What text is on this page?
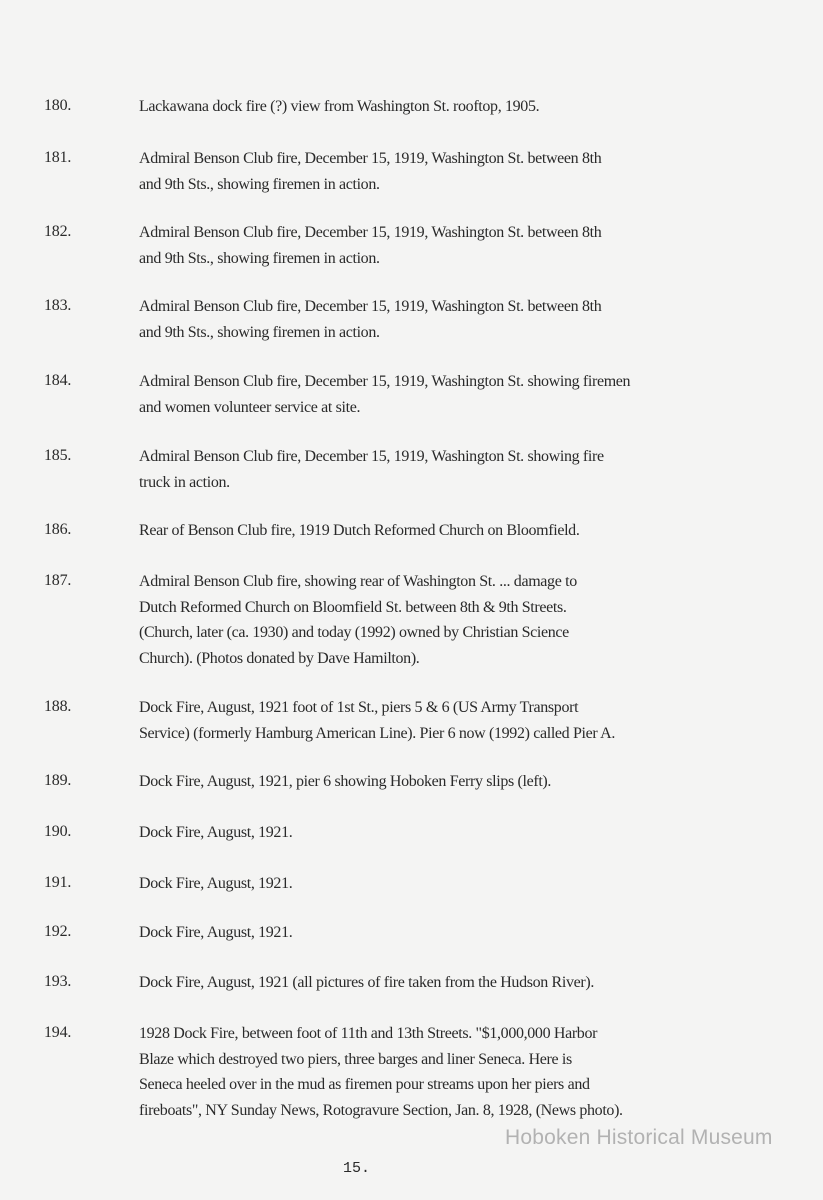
180.	Lackawana dock fire (?) view from Washington St. rooftop, 1905.
181.	Admiral Benson Club fire, December 15, 1919, Washington St. between 8th
and 9th Sts., showing firemen in action.
182.	Admiral Benson Club fire, December 15, 1919, Washington St. between 8th
and 9th Sts., showing firemen in action.
183.	Admiral Benson Club fire, December 15, 1919, Washington St. between 8th
and 9th Sts., showing firemen in action.
184.	Admiral Benson Club fire, December 15, 1919, Washington St. showing firemen
and women volunteer service at site.
185.	Admiral Benson Club fire, December 15, 1919, Washington St. showing fire
truck in action.
186.	Rear of Benson Club fire, 1919 Dutch Reformed Church on Bloomfield.
187.	Admiral Benson Club fire, showing rear of Washington St. ... damage to
Dutch Reformed Church on Bloomfield St. between 8th & 9th Streets.
(Church, later (ca. 1930) and today (1992) owned by Christian Science
Church). (Photos donated by Dave Hamilton).
188.	Dock Fire, August, 1921 foot of 1st St., piers 5 & 6 (US Army Transport
Service) (formerly Hamburg American Line). Pier 6 now (1992) called Pier A.
189.	Dock Fire, August, 1921, pier 6 showing Hoboken Ferry slips (left).
190.	Dock Fire, August, 1921.
191.	Dock Fire, August, 1921.
192.	Dock Fire, August, 1921.
193.	Dock Fire, August, 1921 (all pictures of fire taken from the Hudson River).
194.	1928 Dock Fire, between foot of 11th and 13th Streets. "$1,000,000 Harbor
Blaze which destroyed two piers, three barges and liner Seneca. Here is
Seneca heeled over in the mud as firemen pour streams upon her piers and
fireboats", NY Sunday News, Rotogravure Section, Jan. 8, 1928, (News photo).
Hoboken Historical Museum
15.
